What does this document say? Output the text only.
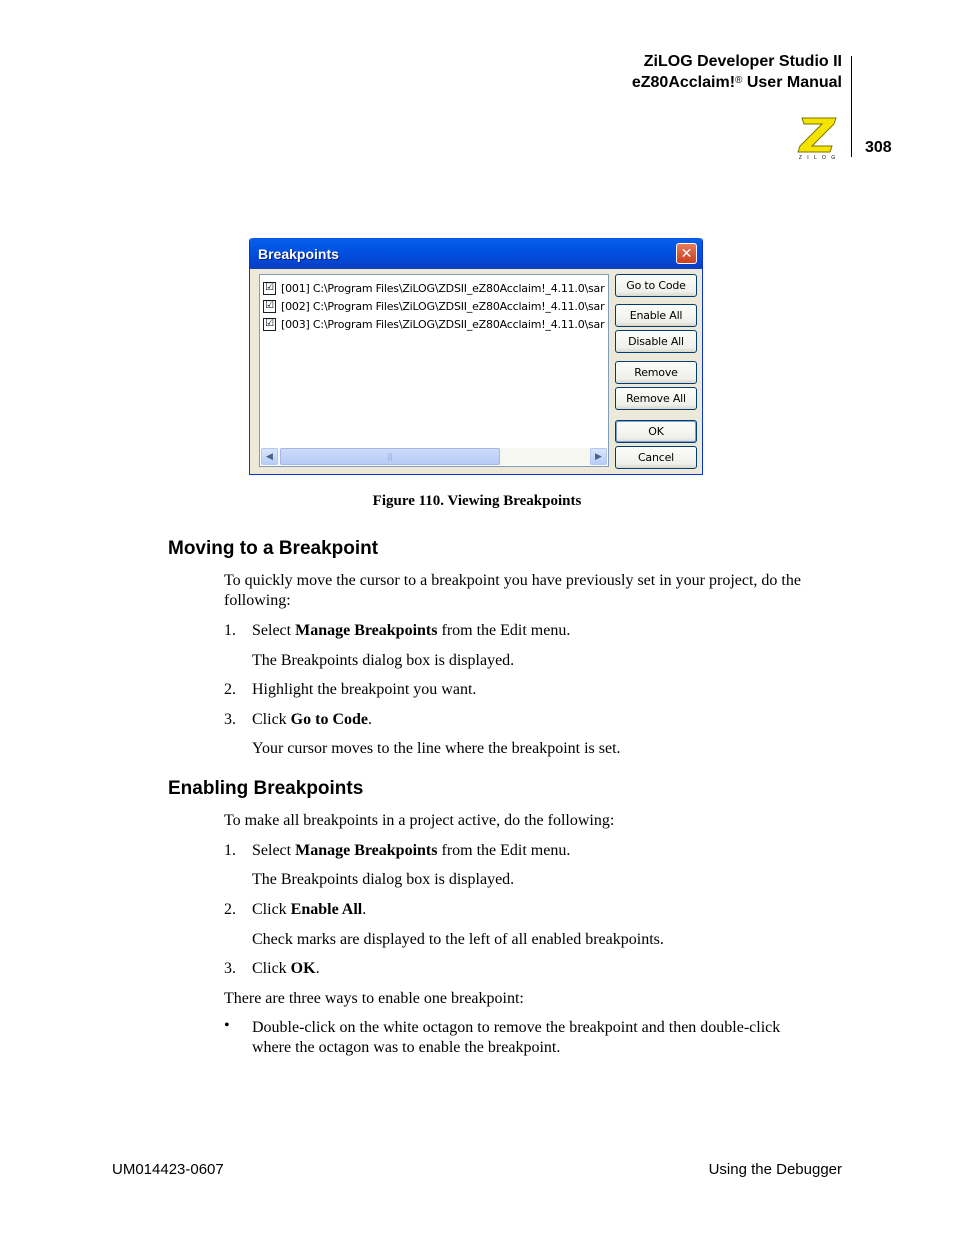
ZiLOG Developer Studio II
eZ80Acclaim!® User Manual
Z I L O G
308
Breakpoints	✕
☑ [001] C:\Program Files\ZiLOG\ZDSII_eZ80Acclaim!_4.11.0\sar
☑ [002] C:\Program Files\ZiLOG\ZDSII_eZ80Acclaim!_4.11.0\sar
☑ [003] C:\Program Files\ZiLOG\ZDSII_eZ80Acclaim!_4.11.0\sar
◀	|||	▶
Go to Code
Enable All
Disable All
Remove
Remove All
OK
Cancel
Figure 110. Viewing Breakpoints
Moving to a Breakpoint
To quickly move the cursor to a breakpoint you have previously set in your project, do the
following:
1. Select Manage Breakpoints from the Edit menu.
The Breakpoints dialog box is displayed.
2. Highlight the breakpoint you want.
3. Click Go to Code.
Your cursor moves to the line where the breakpoint is set.
Enabling Breakpoints
To make all breakpoints in a project active, do the following:
1. Select Manage Breakpoints from the Edit menu.
The Breakpoints dialog box is displayed.
2. Click Enable All.
Check marks are displayed to the left of all enabled breakpoints.
3. Click OK.
There are three ways to enable one breakpoint:
• Double-click on the white octagon to remove the breakpoint and then double-click
where the octagon was to enable the breakpoint.
UM014423-0607	Using the Debugger
